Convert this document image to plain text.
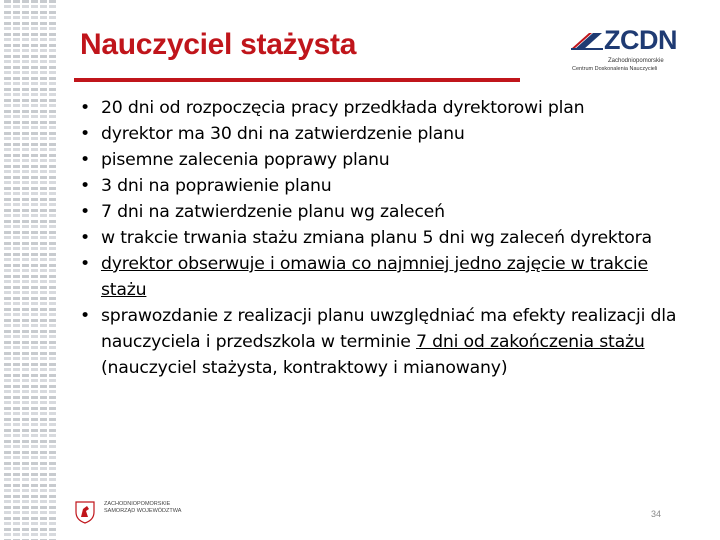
Nauczyciel stażysta	ZCDN
Zachodniopomorskie
Centrum Doskonalenia Nauczycieli
• 20 dni od rozpoczęcia pracy przedkłada dyrektorowi plan
• dyrektor ma 30 dni na zatwierdzenie planu
• pisemne zalecenia poprawy planu
• 3 dni na poprawienie planu
• 7 dni na zatwierdzenie planu wg zaleceń
• w trakcie trwania stażu zmiana planu 5 dni wg zaleceń dyrektora
• dyrektor obserwuje i omawia co najmniej jedno zajęcie w trakcie stażu
• sprawozdanie z realizacji planu uwzględniać ma efekty realizacji dla nauczyciela i przedszkola w terminie 7 dni od zakończenia stażu (nauczyciel stażysta, kontraktowy i mianowany)
ZACHODNIOPOMORSKIE
SAMORZĄD WOJEWÓDZTWA	34
